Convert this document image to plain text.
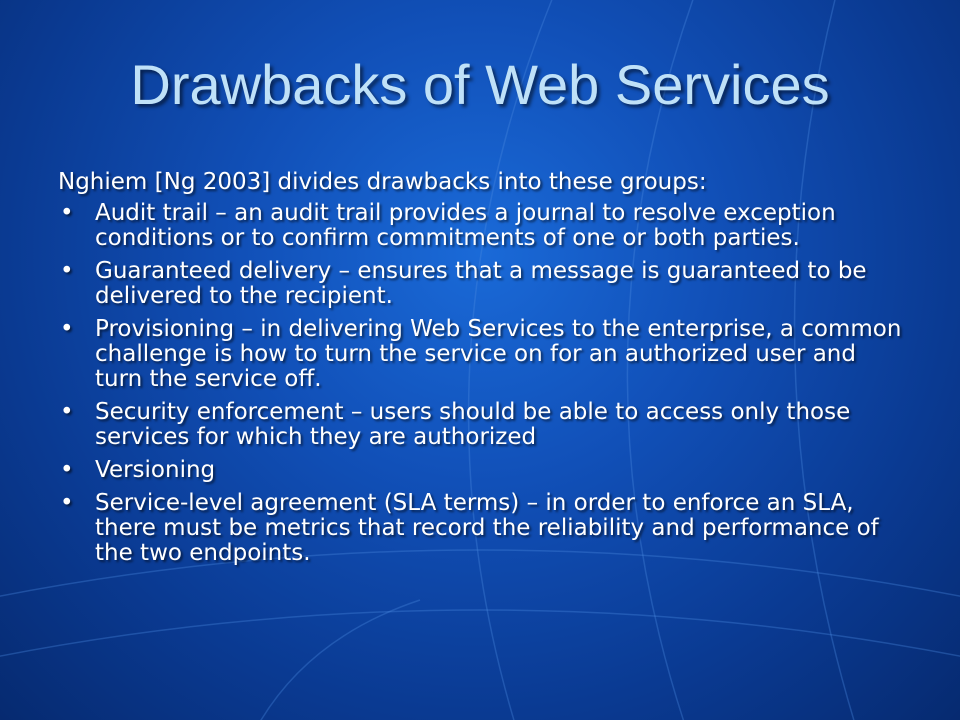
Drawbacks of Web Services

Nghiem [Ng 2003] divides drawbacks into these groups:

• Audit trail – an audit trail provides a journal to resolve exception conditions or to confirm commitments of one or both parties.
• Guaranteed delivery – ensures that a message is guaranteed to be delivered to the recipient.
• Provisioning – in delivering Web Services to the enterprise, a common challenge is how to turn the service on for an authorized user and turn the service off.
• Security enforcement – users should be able to access only those services for which they are authorized
• Versioning
• Service-level agreement (SLA terms) – in order to enforce an SLA, there must be metrics that record the reliability and performance of the two endpoints.
